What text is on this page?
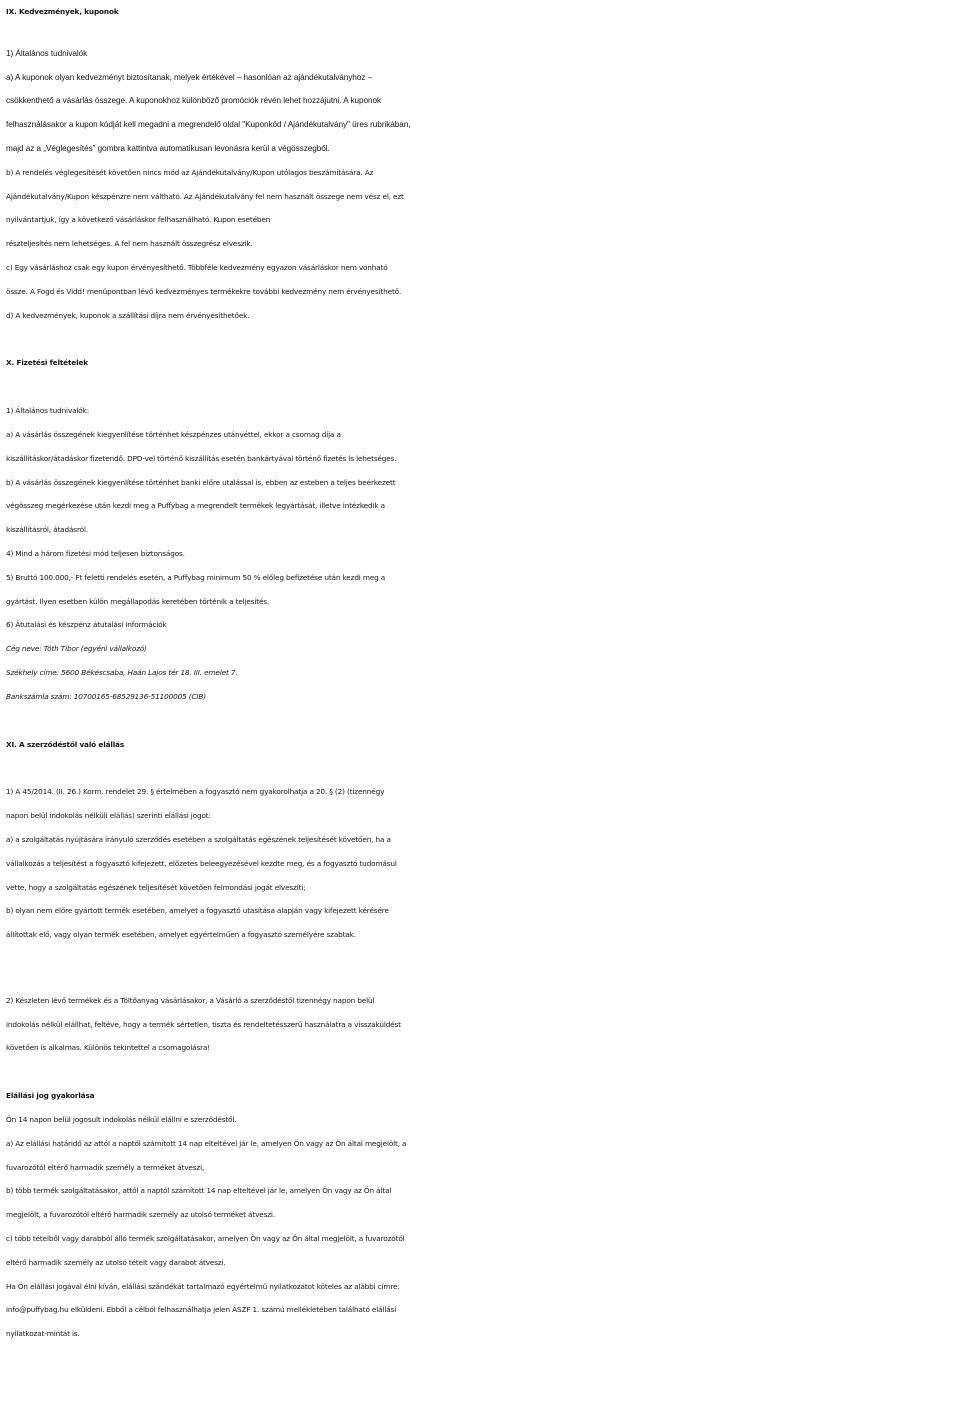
IX. Kedvezmények, kuponok

1) Általános tudnivalók

a) A kuponok olyan kedvezményt biztosítanak, melyek értékével – hasonlóan az ajándékutalványhoz –

csökkenthető a vásárlás összege. A kuponokhoz különböző promóciók révén lehet hozzájutni. A kuponok

felhasználásakor a kupon kódját kell megadni a megrendelő oldal "Kuponkód / Ajándékutalvány" üres rubrikában,

majd az a „Véglegesítés” gombra kattintva automatikusan levonásra kerül a végösszegből.

b) A rendelés véglegesítését követően nincs mód az Ajándékutalvány/Kupon utólagos beszámítására. Az

Ajándékutalvány/Kupon készpénzre nem váltható. Az Ajándékutalvány fel nem használt összege nem vész el, ezt

nyilvántartjuk, így a következő vásárláskor felhasználható. Kupon esetében

részteljesítés nem lehetséges. A fel nem használt összegrész elveszik.

c) Egy vásárláshoz csak egy kupon érvényesíthető. Többféle kedvezmény egyazon vásárláskor nem vonható

össze. A Fogd és Vidd! menüpontban lévő kedvezményes termékekre további kedvezmény nem érvényesíthető.

d) A kedvezmények, kuponok a szállítási díjra nem érvényesíthetőek.

X. Fizetési feltételek

1) Általános tudnivalók:

a) A vásárlás összegének kiegyenlítése történhet készpénzes utánvéttel, ekkor a csomag díja a

kiszállításkor/átadáskor fizetendő. DPD-vel történő kiszállítás esetén bankártyával történő fizetés is lehetséges.

b) A vásárlás összegének kiegyenlítése történhet banki előre utalással is, ebben az esteben a teljes beérkezett

végösszeg megérkezése után kezdi meg a Puffybag a megrendelt termékek legyártását, illetve intézkedik a

kiszállításról, átadásról.

4) Mind a három fizetési mód teljesen biztonságos.

5) Bruttó 100.000,- Ft feletti rendelés esetén, a Puffybag minimum 50 % előleg befizetése után kezdi meg a

gyártást. Ilyen esetben külön megállapodás keretében történik a teljesítés.

6) Átutalási és készpénz átutalási információk

Cég neve: Tóth Tibor (egyéni vállalkozó)

Székhely címe: 5600 Békéscsaba, Haán Lajos tér 18. III. emelet 7.

Bankszámla szám: 10700165-68529136-51100005 (CIB)

XI. A szerződéstől való elállás

1) A 45/2014. (II. 26.) Korm. rendelet 29. § értelmében a fogyasztó nem gyakorolhatja a 20. § (2) (tizennégy

napon belül indokolás nélküli elállás) szerinti elállási jogot:

a) a szolgáltatás nyújtására irányuló szerződés esetében a szolgáltatás egészének teljesítését követően, ha a

vállalkozás a teljesítést a fogyasztó kifejezett, előzetes beleegyezésével kezdte meg, és a fogyasztó tudomásul

vette, hogy a szolgáltatás egészének teljesítését követően felmondási jogát elveszíti;

b) olyan nem előre gyártott termék esetében, amelyet a fogyasztó utasítása alapján vagy kifejezett kérésére

állítottak elő, vagy olyan termék esetében, amelyet egyértelműen a fogyasztó személyére szabtak.

2) Készleten lévő termékek és a Töltőanyag vásárlásakor, a Vásárló a szerződéstől tizennégy napon belül

indokolás nélkül elállhat, feltéve, hogy a termék sértetlen, tiszta és rendeltetésszerű használatra a visszaküldést

követően is alkalmas. Különös tekintettel a csomagolásra!

Elállási jog gyakorlása

Ön 14 napon belül jogosult indokolás nélkül elállni e szerződéstől.

a) Az elállási határidő az attól a naptól számított 14 nap elteltével jár le, amelyen Ön vagy az Ön által megjelölt, a

fuvarozótól eltérő harmadik személy a terméket átveszi,

b) több termék szolgáltatásakor, attól a naptól számított 14 nap elteltével jár le, amelyen Ön vagy az Ön által

megjelölt, a fuvarozótól eltérő harmadik személy az utolsó terméket átveszi.

c) több tételből vagy darabból álló termék szolgáltatásakor, amelyen Ön vagy az Ön által megjelölt, a fuvarozótól

eltérő harmadik személy az utolsó tételt vagy darabot átveszi.

Ha Ön elállási jogával élni kíván, elállási szándékát tartalmazó egyértelmű nyilatkozatot köteles az alábbi címre:

info@puffybag.hu elküldeni. Ebből a célból felhasználhatja jelen ÁSZF 1. számú mellékletében található elállási

nyilatkozat-mintát is.
